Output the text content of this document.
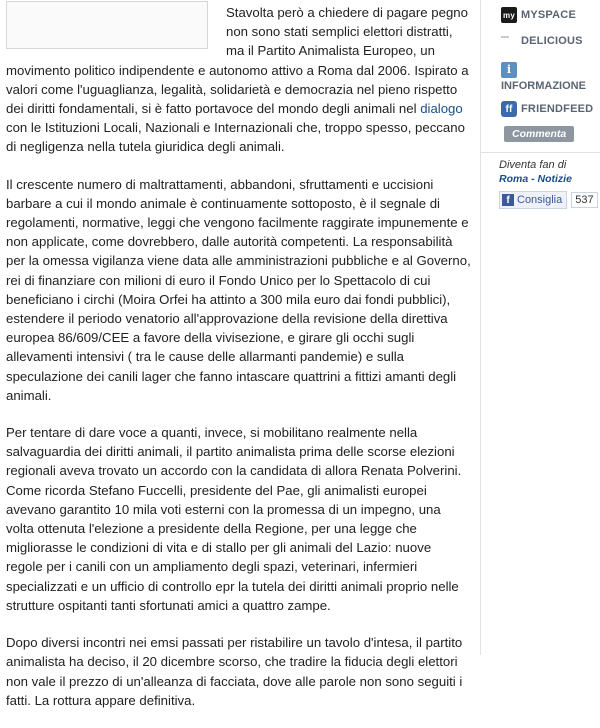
Stavolta però a chiedere di pagare pegno non sono stati semplici elettori distratti, ma il Partito Animalista Europeo, un movimento politico indipendente e autonomo attivo a Roma dal 2006. Ispirato a valori come l'uguaglianza, legalità, solidarietà e democrazia nel pieno rispetto dei diritti fondamentali, si è fatto portavoce del mondo degli animali nel dialogo con le Istituzioni Locali, Nazionali e Internazionali che, troppo spesso, peccano di negligenza nella tutela giuridica degli animali.

Il crescente numero di maltrattamenti, abbandoni, sfruttamenti e uccisioni barbare a cui il mondo animale è continuamente sottoposto, è il segnale di regolamenti, normative, leggi che vengono facilmente raggirate impunemente e non applicate, come dovrebbero, dalle autorità competenti. La responsabilità per la omessa vigilanza viene data alle amministrazioni pubbliche e al Governo, rei di finanziare con milioni di euro il Fondo Unico per lo Spettacolo di cui beneficiano i circhi (Moira Orfei ha attinto a 300 mila euro dai fondi pubblici), estendere il periodo venatorio all'approvazione della revisione della direttiva europea 86/609/CEE a favore della vivisezione, e girare gli occhi sugli allevamenti intensivi ( tra le cause delle allarmanti pandemie) e sulla speculazione dei canili lager che fanno intascare quattrini a fittizi amanti degli animali.

Per tentare di dare voce a quanti, invece, si mobilitano realmente nella salvaguardia dei diritti animali, il partito animalista prima delle scorse elezioni regionali aveva trovato un accordo con la candidata di allora Renata Polverini. Come ricorda Stefano Fuccelli, presidente del Pae, gli animalisti europei avevano garantito 10 mila voti esterni con la promessa di un impegno, una volta ottenuta l'elezione a presidente della Regione, per una legge che migliorasse le condizioni di vita e di stallo per gli animali del Lazio: nuove regole per i canili con un ampliamento degli spazi, veterinari, infermieri specializzati e un ufficio di controllo epr la tutela dei diritti animali proprio nelle strutture ospitanti tanti sfortunati amici a quattro zampe.

Dopo diversi incontri nei emsi passati per ristabilire un tavolo d'intesa, il partito animalista ha deciso, il 20 dicembre scorso, che tradire la fiducia degli elettori non vale il prezzo di un'alleanza di facciata, dove alle parole non sono seguiti i fatti. La rottura appare definitiva.

my MYSPACE
DELICIOUS
i
INFORMAZIONE
ff FRIENDFEED
Commenta
Diventa fan di
Roma - Notizie
f Consiglia	537
